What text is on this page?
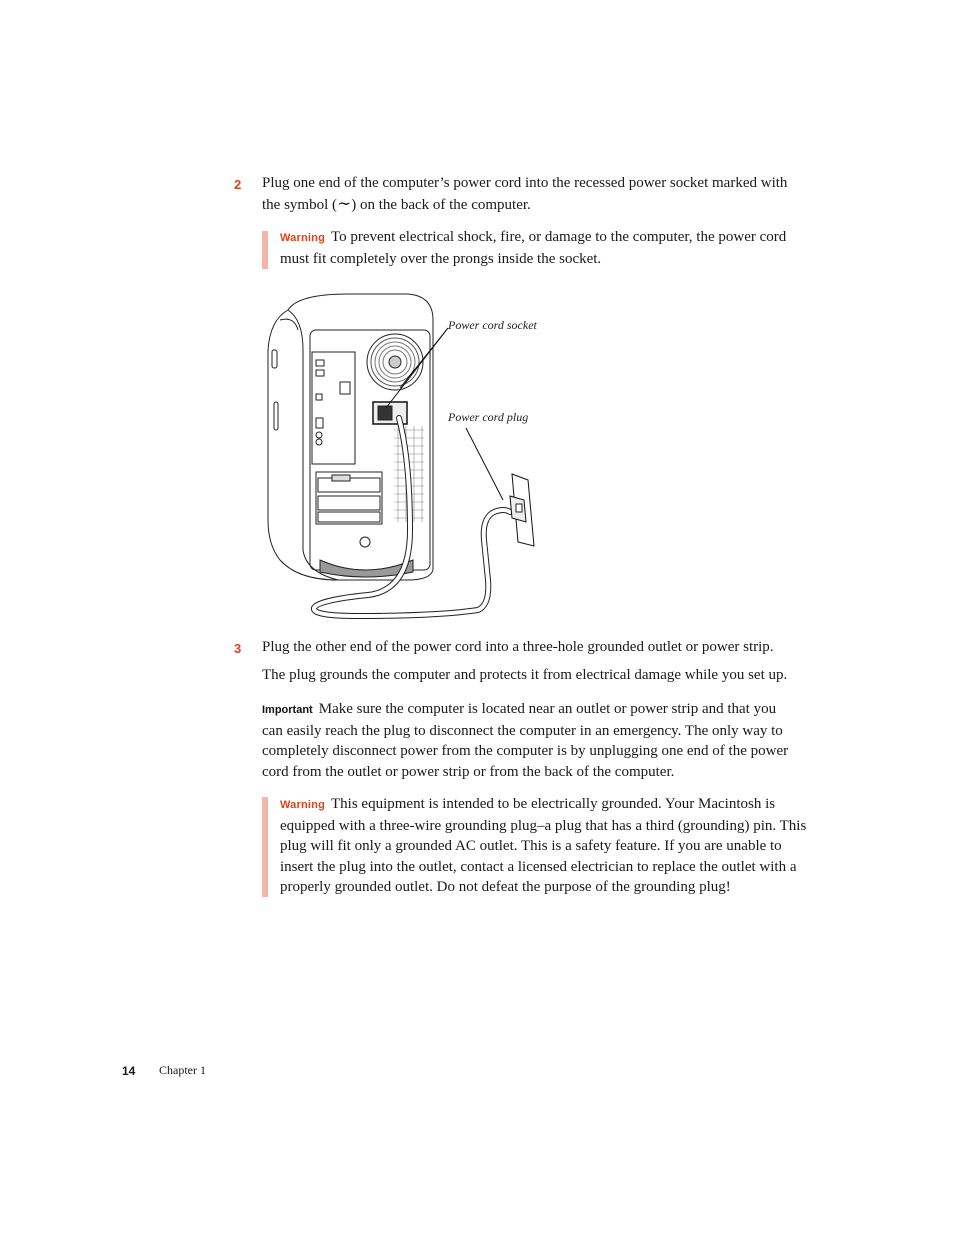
2 Plug one end of the computer’s power cord into the recessed power socket marked with the symbol (∼) on the back of the computer.
Warning To prevent electrical shock, fire, or damage to the computer, the power cord must fit completely over the prongs inside the socket.
Power cord socket
Power cord plug
3 Plug the other end of the power cord into a three-hole grounded outlet or power strip.
The plug grounds the computer and protects it from electrical damage while you set up.
Important Make sure the computer is located near an outlet or power strip and that you can easily reach the plug to disconnect the computer in an emergency. The only way to completely disconnect power from the computer is by unplugging one end of the power cord from the outlet or power strip or from the back of the computer.
Warning This equipment is intended to be electrically grounded. Your Macintosh is equipped with a three-wire grounding plug–a plug that has a third (grounding) pin. This plug will fit only a grounded AC outlet. This is a safety feature. If you are unable to insert the plug into the outlet, contact a licensed electrician to replace the outlet with a properly grounded outlet. Do not defeat the purpose of the grounding plug!
14 Chapter 1
